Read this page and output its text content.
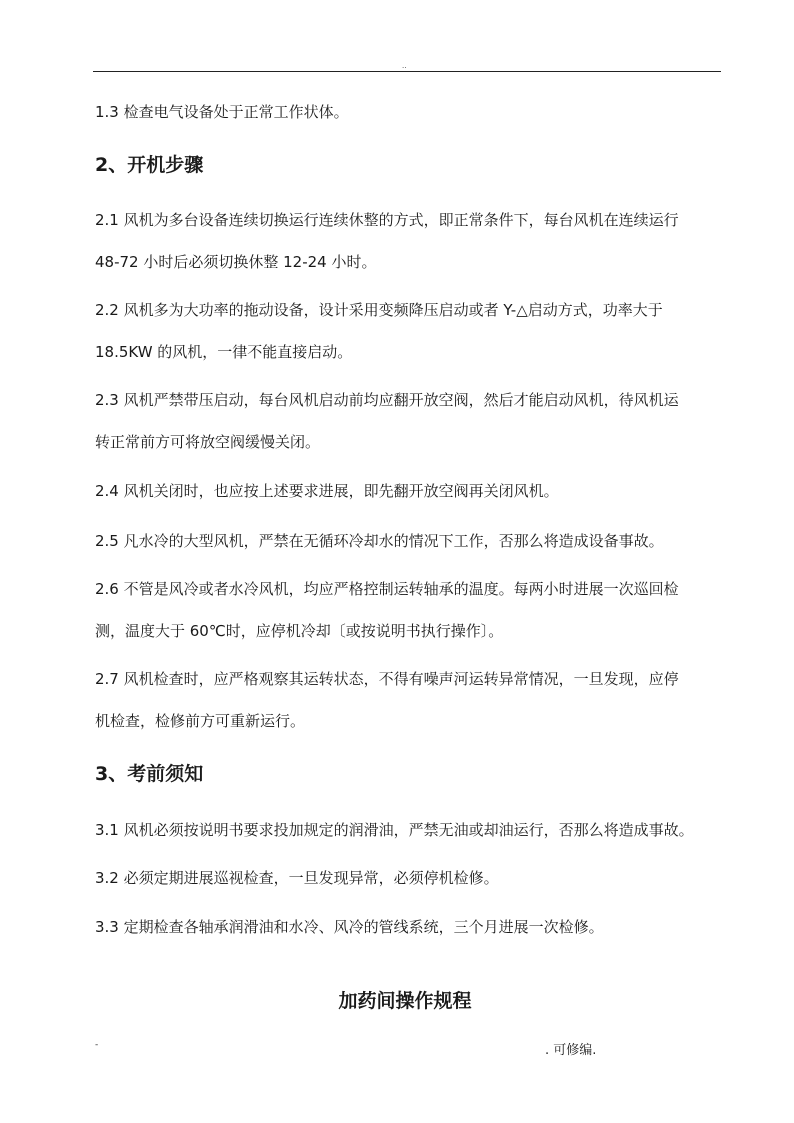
..
1.3 检查电气设备处于正常工作状体。
2、开机步骤
2.1 风机为多台设备连续切换运行连续休整的方式，即正常条件下，每台风机在连续运行
48-72 小时后必须切换休整 12-24 小时。
2.2 风机多为大功率的拖动设备，设计采用变频降压启动或者 Y-△启动方式，功率大于
18.5KW 的风机，一律不能直接启动。
2.3 风机严禁带压启动，每台风机启动前均应翻开放空阀，然后才能启动风机，待风机运
转正常前方可将放空阀缓慢关闭。
2.4 风机关闭时，也应按上述要求进展，即先翻开放空阀再关闭风机。
2.5 凡水冷的大型风机，严禁在无循环冷却水的情况下工作，否那么将造成设备事故。
2.6 不管是风冷或者水冷风机，均应严格控制运转轴承的温度。每两小时进展一次巡回检
测，温度大于 60℃时，应停机冷却〔或按说明书执行操作〕。
2.7 风机检查时，应严格观察其运转状态，不得有噪声河运转异常情况，一旦发现，应停
机检查，检修前方可重新运行。
3、考前须知
3.1 风机必须按说明书要求投加规定的润滑油，严禁无油或却油运行，否那么将造成事故。
3.2 必须定期进展巡视检查，一旦发现异常，必须停机检修。
3.3 定期检查各轴承润滑油和水冷、风冷的管线系统，三个月进展一次检修。
加药间操作规程
-	. 可修编.
